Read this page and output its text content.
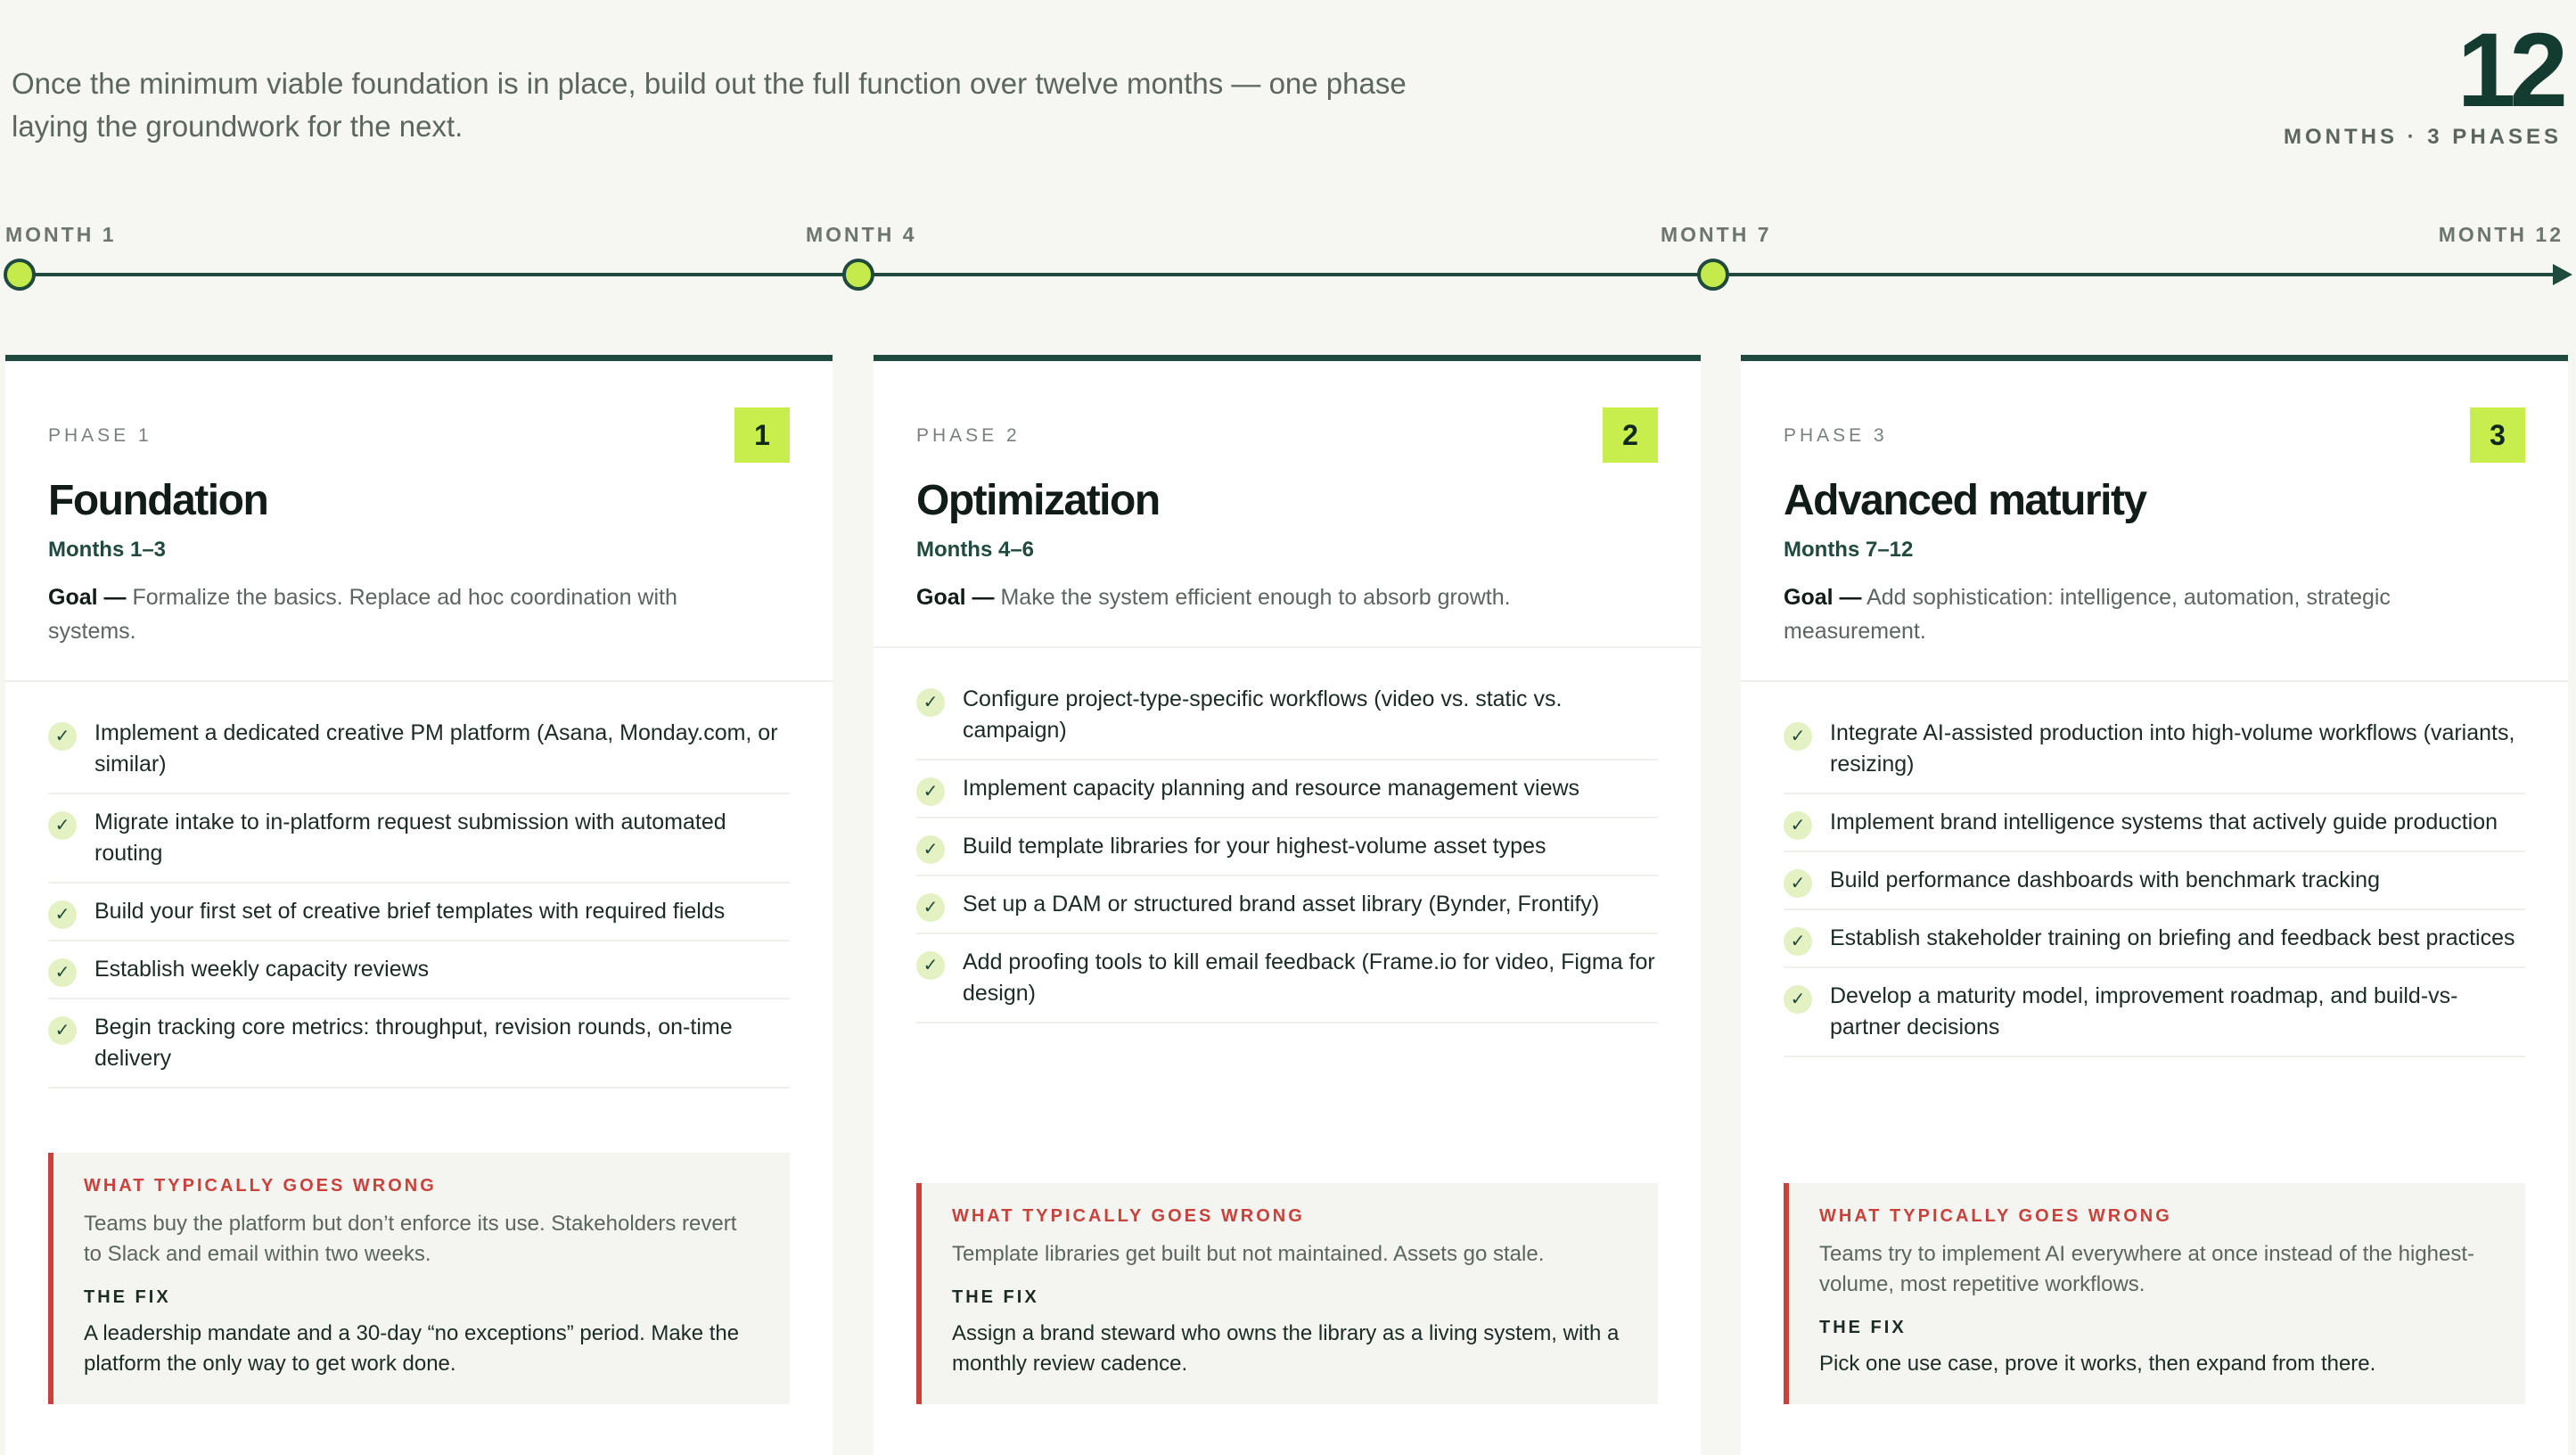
Once the minimum viable foundation is in place, build out the full function over twelve months — one phase laying the groundwork for the next.	12
MONTHS · 3 PHASES
MONTH 1	MONTH 4	MONTH 7	MONTH 12
PHASE 1	1
Foundation
Months 1–3
Goal — Formalize the basics. Replace ad hoc coordination with systems.
✓	Implement a dedicated creative PM platform (Asana, Monday.com, or similar)
✓	Migrate intake to in-platform request submission with automated routing
✓	Build your first set of creative brief templates with required fields
✓	Establish weekly capacity reviews
✓	Begin tracking core metrics: throughput, revision rounds, on-time delivery
WHAT TYPICALLY GOES WRONG
Teams buy the platform but don’t enforce its use. Stakeholders revert to Slack and email within two weeks.
THE FIX
A leadership mandate and a 30-day “no exceptions” period. Make the platform the only way to get work done.
PHASE 2	2
Optimization
Months 4–6
Goal — Make the system efficient enough to absorb growth.
✓	Configure project-type-specific workflows (video vs. static vs. campaign)
✓	Implement capacity planning and resource management views
✓	Build template libraries for your highest-volume asset types
✓	Set up a DAM or structured brand asset library (Bynder, Frontify)
✓	Add proofing tools to kill email feedback (Frame.io for video, Figma for design)
WHAT TYPICALLY GOES WRONG
Template libraries get built but not maintained. Assets go stale.
THE FIX
Assign a brand steward who owns the library as a living system, with a monthly review cadence.
PHASE 3	3
Advanced maturity
Months 7–12
Goal — Add sophistication: intelligence, automation, strategic measurement.
✓	Integrate AI-assisted production into high-volume workflows (variants, resizing)
✓	Implement brand intelligence systems that actively guide production
✓	Build performance dashboards with benchmark tracking
✓	Establish stakeholder training on briefing and feedback best practices
✓	Develop a maturity model, improvement roadmap, and build-vs-partner decisions
WHAT TYPICALLY GOES WRONG
Teams try to implement AI everywhere at once instead of the highest-volume, most repetitive workflows.
THE FIX
Pick one use case, prove it works, then expand from there.
